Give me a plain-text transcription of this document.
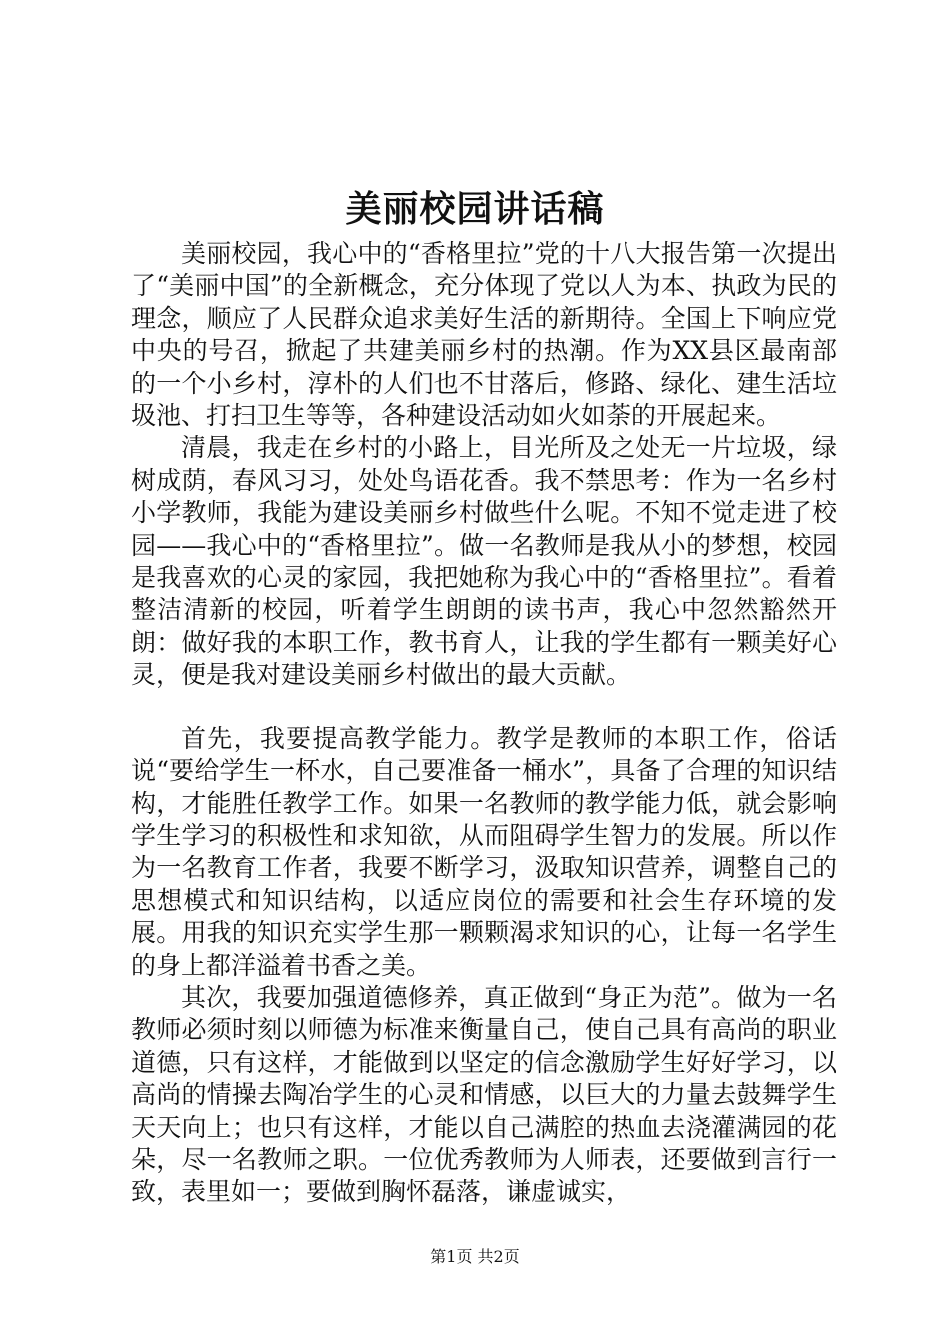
美丽校园讲话稿

美丽校园，我心中的“香格里拉”党的十八大报告第一次提出了“美丽中国”的全新概念，充分体现了党以人为本、执政为民的理念，顺应了人民群众追求美好生活的新期待。全国上下响应党中央的号召，掀起了共建美丽乡村的热潮。作为XX县区最南部的一个小乡村，淳朴的人们也不甘落后，修路、绿化、建生活垃圾池、打扫卫生等等，各种建设活动如火如荼的开展起来。

清晨，我走在乡村的小路上，目光所及之处无一片垃圾，绿树成荫，春风习习，处处鸟语花香。我不禁思考：作为一名乡村小学教师，我能为建设美丽乡村做些什么呢。不知不觉走进了校园——我心中的“香格里拉”。做一名教师是我从小的梦想，校园是我喜欢的心灵的家园，我把她称为我心中的“香格里拉”。看着整洁清新的校园，听着学生朗朗的读书声，我心中忽然豁然开朗：做好我的本职工作，教书育人，让我的学生都有一颗美好心灵，便是我对建设美丽乡村做出的最大贡献。

首先，我要提高教学能力。教学是教师的本职工作，俗话说“要给学生一杯水，自己要准备一桶水”，具备了合理的知识结构，才能胜任教学工作。如果一名教师的教学能力低，就会影响学生学习的积极性和求知欲，从而阻碍学生智力的发展。所以作为一名教育工作者，我要不断学习，汲取知识营养，调整自己的思想模式和知识结构，以适应岗位的需要和社会生存环境的发展。用我的知识充实学生那一颗颗渴求知识的心，让每一名学生的身上都洋溢着书香之美。

其次，我要加强道德修养，真正做到“身正为范”。做为一名教师必须时刻以师德为标准来衡量自己，使自己具有高尚的职业道德，只有这样，才能做到以坚定的信念激励学生好好学习，以高尚的情操去陶冶学生的心灵和情感，以巨大的力量去鼓舞学生天天向上；也只有这样，才能以自己满腔的热血去浇灌满园的花朵，尽一名教师之职。一位优秀教师为人师表，还要做到言行一致，表里如一；要做到胸怀磊落，谦虚诚实，

第1页 共2页
